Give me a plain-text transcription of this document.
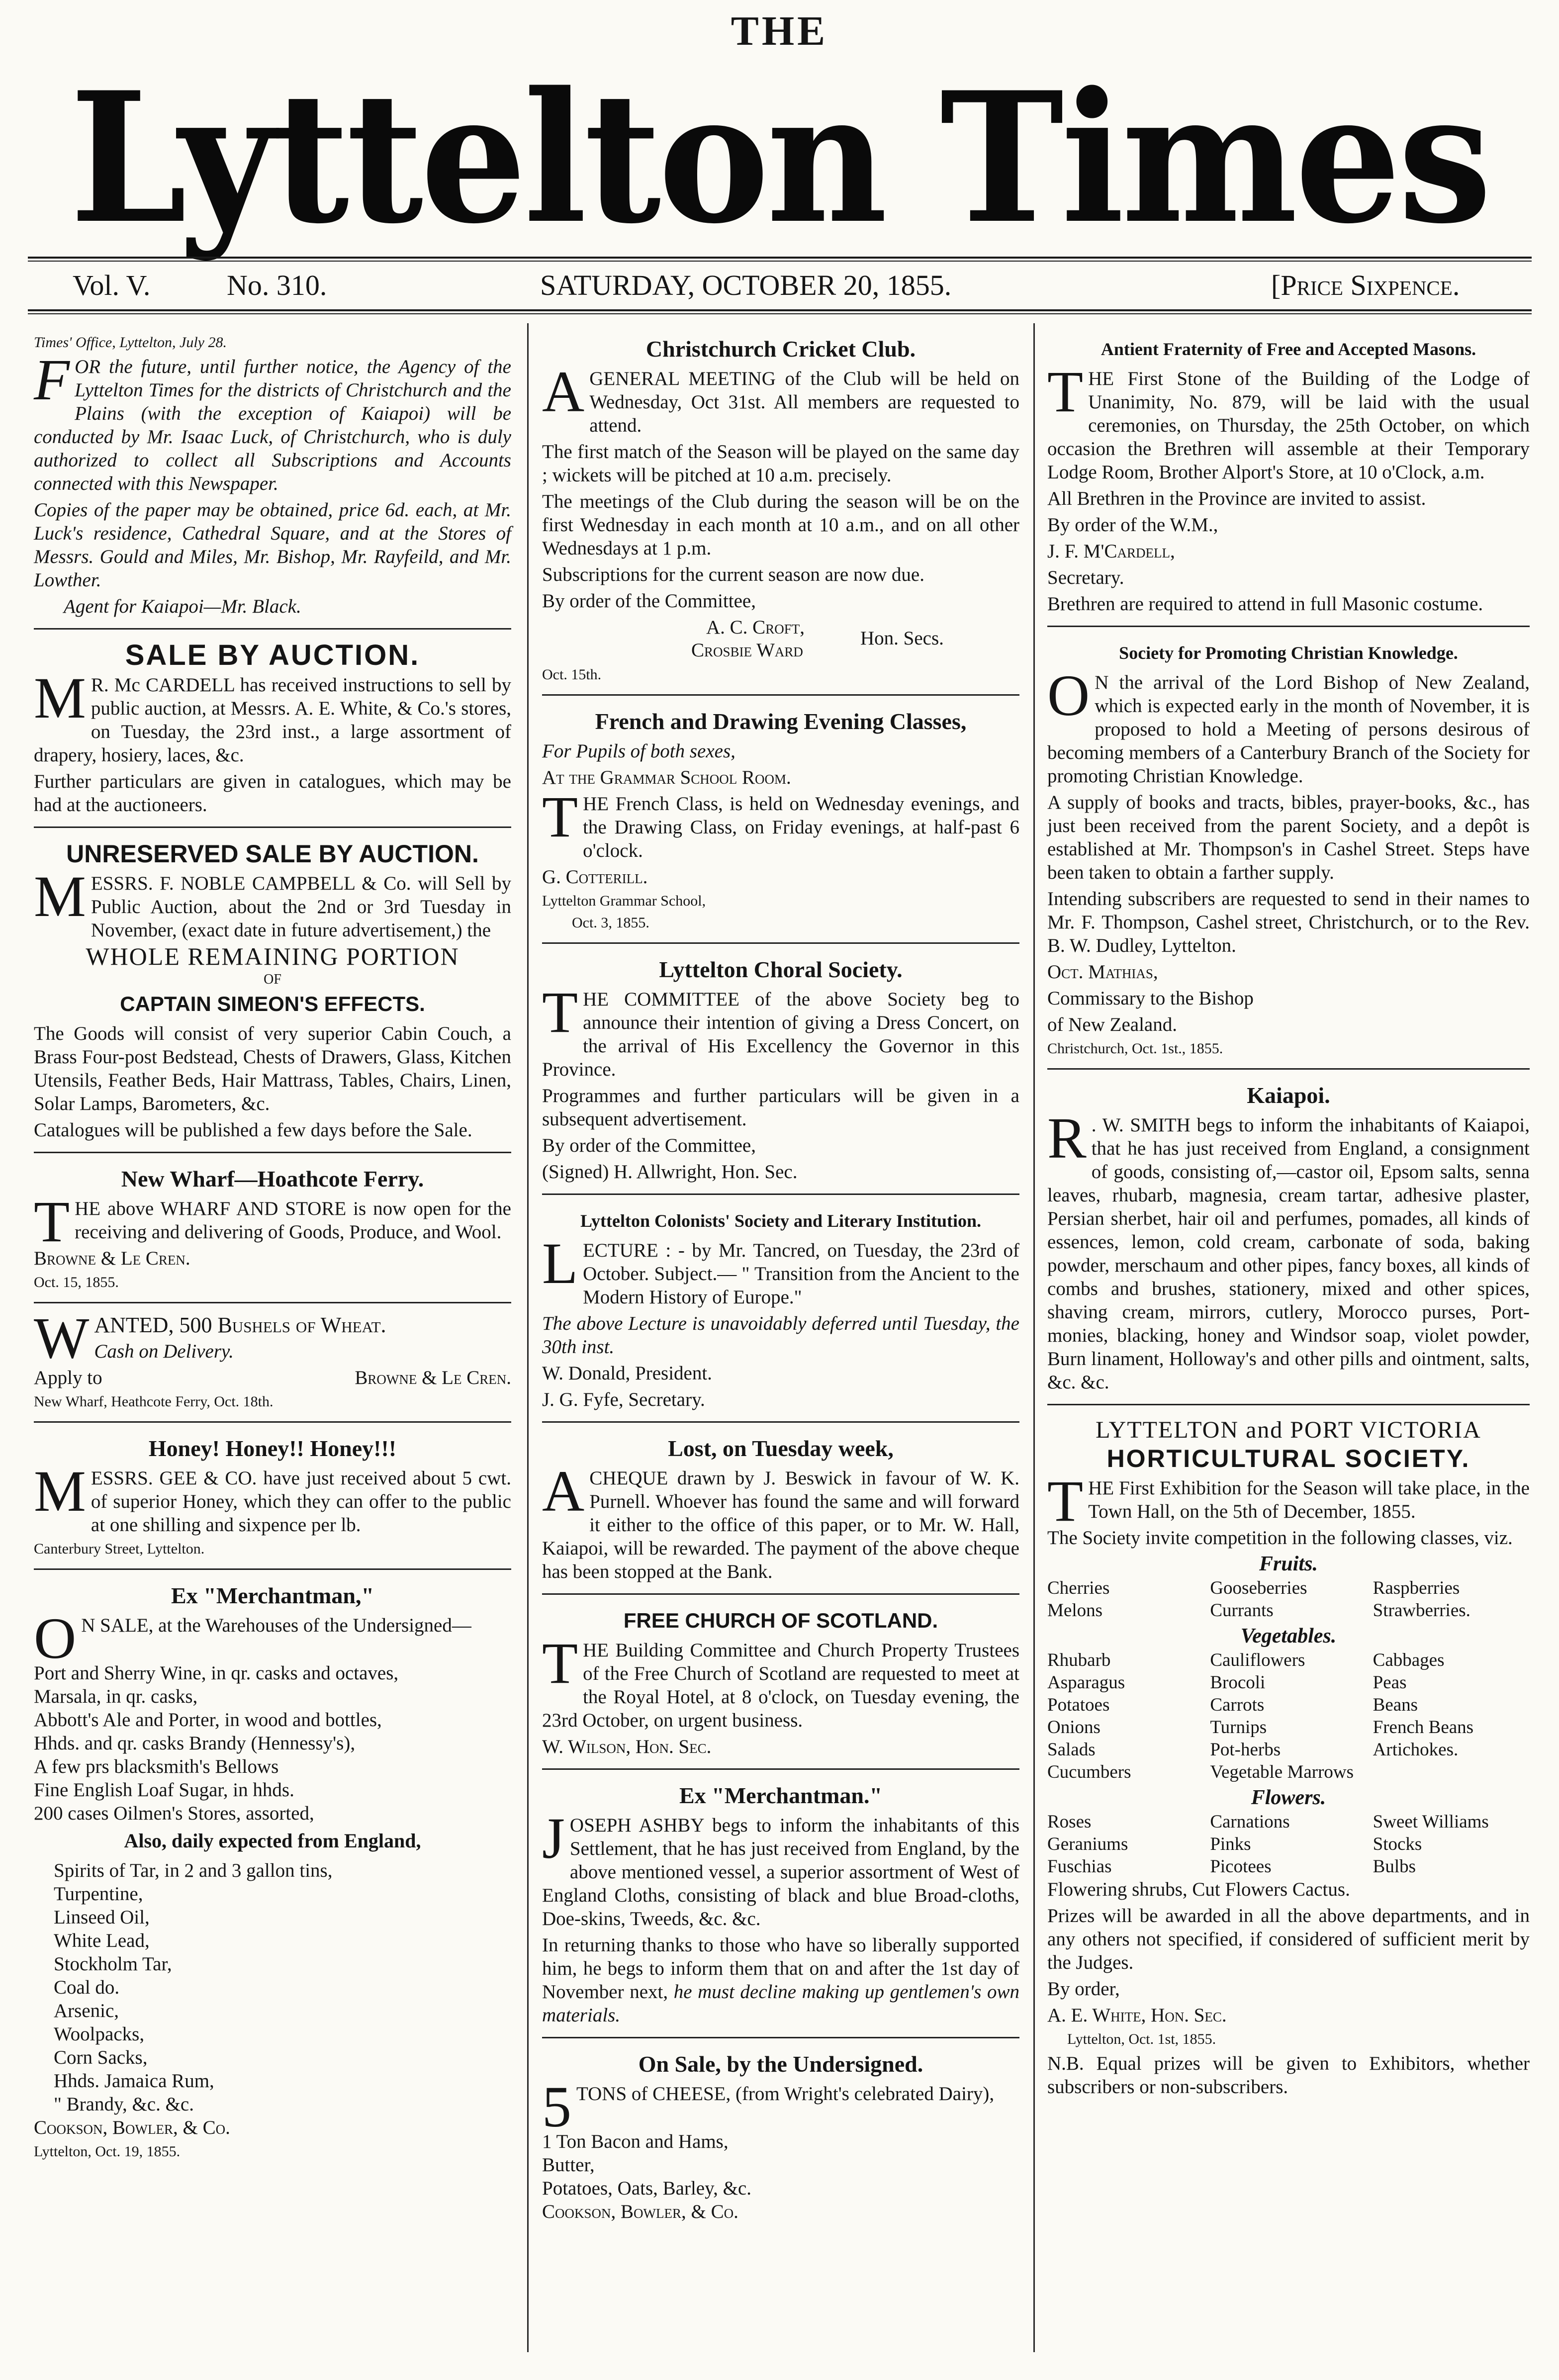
THE
Lyttelton Times
Vol. V.	No. 310.	SATURDAY, OCTOBER 20, 1855.	[Price Sixpence.

Times' Office, Lyttelton, July 28.

FOR the future, until further notice, the Agency of the Lyttelton Times for the districts of Christchurch and the Plains (with the exception of Kaiapoi) will be conducted by Mr. Isaac Luck, of Christchurch, who is duly authorized to collect all Subscriptions and Accounts connected with this Newspaper.

Copies of the paper may be obtained, price 6d. each, at Mr. Luck's residence, Cathedral Square, and at the Stores of Messrs. Gould and Miles, Mr. Bishop, Mr. Rayfeild, and Mr. Lowther.

Agent for Kaiapoi—Mr. Black.

SALE BY AUCTION.

M R. Mc CARDELL has received instructions to sell by public auction, at Messrs. A. E. White, & Co.'s stores, on Tuesday, the 23rd inst., a large assortment of drapery, hosiery, laces, &c.

Further particulars are given in catalogues, which may be had at the auctioneers.

UNRESERVED SALE BY AUCTION.

MESSRS. F. NOBLE CAMPBELL & Co. will Sell by Public Auction, about the 2nd or 3rd Tuesday in November, (exact date in future advertisement,) the

WHOLE REMAINING PORTION
OF
CAPTAIN SIMEON'S EFFECTS.

The Goods will consist of very superior Cabin Couch, a Brass Four-post Bedstead, Chests of Drawers, Glass, Kitchen Utensils, Feather Beds, Hair Mattrass, Tables, Chairs, Linen, Solar Lamps, Barometers, &c.

Catalogues will be published a few days before the Sale.

New Wharf—Hoathcote Ferry.

THE above WHARF AND STORE is now open for the receiving and delivering of Goods, Produce, and Wool.

Browne & Le Cren.

Oct. 15, 1855.

WANTED, 500 Bushels of Wheat.

Cash on Delivery.

Apply to	Browne & Le Cren.

New Wharf, Heathcote Ferry, Oct. 18th.

Honey! Honey!! Honey!!!

MESSRS. GEE & CO. have just received about 5 cwt. of superior Honey, which they can offer to the public at one shilling and sixpence per lb.

Canterbury Street, Lyttelton.

Ex "Merchantman,"

O N SALE, at the Warehouses of the Undersigned—

Port and Sherry Wine, in qr. casks and octaves,
Marsala, in qr. casks,
Abbott's Ale and Porter, in wood and bottles,
Hhds. and qr. casks Brandy (Hennessy's),
A few prs blacksmith's Bellows
Fine English Loaf Sugar, in hhds.
200 cases Oilmen's Stores, assorted,
Also, daily expected from England,
Spirits of Tar, in 2 and 3 gallon tins,
Turpentine,
Linseed Oil,
White Lead,
Stockholm Tar,
Coal do.
Arsenic,
Woolpacks,
Corn Sacks,
Hhds. Jamaica Rum,
" Brandy, &c. &c.

Cookson, Bowler, & Co.

Lyttelton, Oct. 19, 1855.

Christchurch Cricket Club.

AGENERAL MEETING of the Club will be held on Wednesday, Oct 31st. All members are requested to attend.

The first match of the Season will be played on the same day ; wickets will be pitched at 10 a.m. precisely.

The meetings of the Club during the season will be on the first Wednesday in each month at 10 a.m., and on all other Wednesdays at 1 p.m.

Subscriptions for the current season are now due.

By order of the Committee,

A. C. Croft,
Crosbie Ward
Hon. Secs.

Oct. 15th.

French and Drawing Evening Classes,

For Pupils of both sexes,

At the Grammar School Room.

THE French Class, is held on Wednesday evenings, and the Drawing Class, on Friday evenings, at half-past 6 o'clock.

G. Cotterill.

Lyttelton Grammar School,

Oct. 3, 1855.

Lyttelton Choral Society.

THE COMMITTEE of the above Society beg to announce their intention of giving a Dress Concert, on the arrival of His Excellency the Governor in this Province.

Programmes and further particulars will be given in a subsequent advertisement.

By order of the Committee,

(Signed) H. Allwright, Hon. Sec.

Lyttelton Colonists' Society and Literary Institution.

LECTURE : - by Mr. Tancred, on Tuesday, the 23rd of October. Subject.— " Transition from the Ancient to the Modern History of Europe."

The above Lecture is unavoidably deferred until Tuesday, the 30th inst.

W. Donald, President.

J. G. Fyfe, Secretary.

Lost, on Tuesday week,

ACHEQUE drawn by J. Beswick in favour of W. K. Purnell. Whoever has found the same and will forward it either to the office of this paper, or to Mr. W. Hall, Kaiapoi, will be rewarded. The payment of the above cheque has been stopped at the Bank.

FREE CHURCH OF SCOTLAND.

THE Building Committee and Church Property Trustees of the Free Church of Scotland are requested to meet at the Royal Hotel, at 8 o'clock, on Tuesday evening, the 23rd October, on urgent business.

W. Wilson, Hon. Sec.

Ex "Merchantman."

JOSEPH ASHBY begs to inform the inhabitants of this Settlement, that he has just received from England, by the above mentioned vessel, a superior assortment of West of England Cloths, consisting of black and blue Broad-cloths, Doe-skins, Tweeds, &c. &c.

In returning thanks to those who have so liberally supported him, he begs to inform them that on and after the 1st day of November next, he must decline making up gentlemen's own materials.

On Sale, by the Undersigned.

5 TONS of CHEESE, (from Wright's celebrated Dairy),

1 Ton Bacon and Hams,
Butter,
Potatoes, Oats, Barley, &c.

Cookson, Bowler, & Co.

Antient Fraternity of Free and Accepted Masons.

THE First Stone of the Building of the Lodge of Unanimity, No. 879, will be laid with the usual ceremonies, on Thursday, the 25th October, on which occasion the Brethren will assemble at their Temporary Lodge Room, Brother Alport's Store, at 10 o'Clock, a.m.

All Brethren in the Province are invited to assist.

By order of the W.M.,

J. F. M'Cardell,

Secretary.

Brethren are required to attend in full Masonic costume.

Society for Promoting Christian Knowledge.

O N the arrival of the Lord Bishop of New Zealand, which is expected early in the month of November, it is proposed to hold a Meeting of persons desirous of becoming members of a Canterbury Branch of the Society for promoting Christian Knowledge.

A supply of books and tracts, bibles, prayer-books, &c., has just been received from the parent Society, and a depôt is established at Mr. Thompson's in Cashel Street. Steps have been taken to obtain a farther supply.

Intending subscribers are requested to send in their names to Mr. F. Thompson, Cashel street, Christchurch, or to the Rev. B. W. Dudley, Lyttelton.

Oct. Mathias,

Commissary to the Bishop

of New Zealand.

Christchurch, Oct. 1st., 1855.

Kaiapoi.

R . W. SMITH begs to inform the inhabitants of Kaiapoi, that he has just received from England, a consignment of goods, consisting of,—castor oil, Epsom salts, senna leaves, rhubarb, magnesia, cream tartar, adhesive plaster, Persian sherbet, hair oil and perfumes, pomades, all kinds of essences, lemon, cold cream, carbonate of soda, baking powder, merschaum and other pipes, fancy boxes, all kinds of combs and brushes, stationery, mixed and other spices, shaving cream, mirrors, cutlery, Morocco purses, Port-monies, blacking, honey and Windsor soap, violet powder, Burn linament, Holloway's and other pills and ointment, salts, &c. &c.

LYTTELTON and PORT VICTORIA
HORTICULTURAL SOCIETY.

THE First Exhibition for the Season will take place, in the Town Hall, on the 5th of December, 1855.

The Society invite competition in the following classes, viz.

Fruits.
Cherries	Gooseberries	Raspberries
Melons	Currants	Strawberries.
Vegetables.
Rhubarb	Cauliflowers	Cabbages
Asparagus	Brocoli	Peas
Potatoes	Carrots	Beans
Onions	Turnips	French Beans
Salads	Pot-herbs	Artichokes.
Cucumbers	Vegetable Marrows
Flowers.
Roses	Carnations	Sweet Williams
Geraniums	Pinks	Stocks
Fuschias	Picotees	Bulbs

Flowering shrubs, Cut Flowers Cactus.

Prizes will be awarded in all the above departments, and in any others not specified, if considered of sufficient merit by the Judges.

By order,

A. E. White, Hon. Sec.

Lyttelton, Oct. 1st, 1855.

N.B. Equal prizes will be given to Exhibitors, whether subscribers or non-subscribers.
